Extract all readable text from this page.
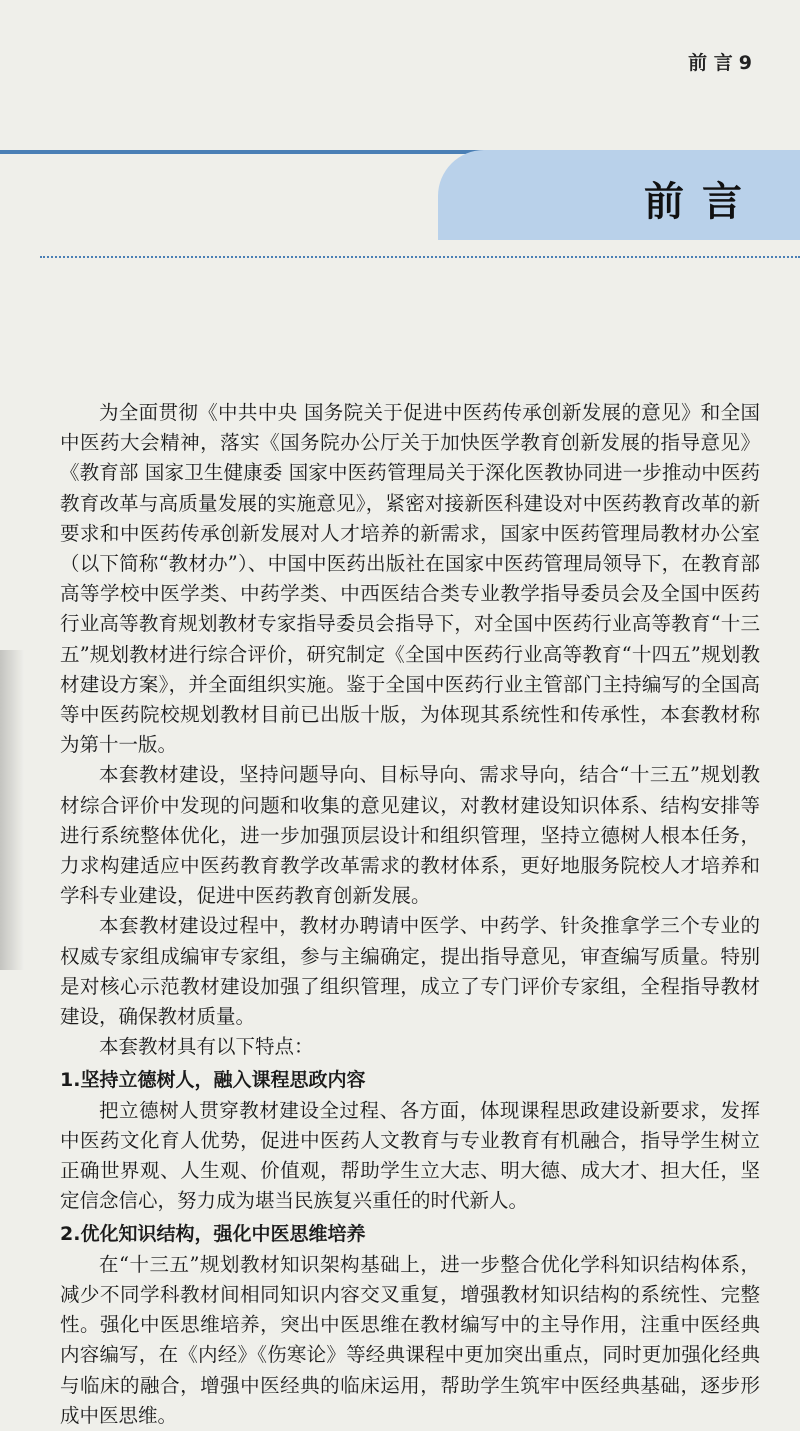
前 言 9
前言

为全面贯彻《中共中央 国务院关于促进中医药传承创新发展的意见》和全国中医药大会精神，落实《国务院办公厅关于加快医学教育创新发展的指导意见》《教育部 国家卫生健康委 国家中医药管理局关于深化医教协同进一步推动中医药教育改革与高质量发展的实施意见》，紧密对接新医科建设对中医药教育改革的新要求和中医药传承创新发展对人才培养的新需求，国家中医药管理局教材办公室（以下简称“教材办”）、中国中医药出版社在国家中医药管理局领导下，在教育部高等学校中医学类、中药学类、中西医结合类专业教学指导委员会及全国中医药行业高等教育规划教材专家指导委员会指导下，对全国中医药行业高等教育“十三五”规划教材进行综合评价，研究制定《全国中医药行业高等教育“十四五”规划教材建设方案》，并全面组织实施。鉴于全国中医药行业主管部门主持编写的全国高等中医药院校规划教材目前已出版十版，为体现其系统性和传承性，本套教材称为第十一版。

本套教材建设，坚持问题导向、目标导向、需求导向，结合“十三五”规划教材综合评价中发现的问题和收集的意见建议，对教材建设知识体系、结构安排等进行系统整体优化，进一步加强顶层设计和组织管理，坚持立德树人根本任务，力求构建适应中医药教育教学改革需求的教材体系，更好地服务院校人才培养和学科专业建设，促进中医药教育创新发展。

本套教材建设过程中，教材办聘请中医学、中药学、针灸推拿学三个专业的权威专家组成编审专家组，参与主编确定，提出指导意见，审查编写质量。特别是对核心示范教材建设加强了组织管理，成立了专门评价专家组，全程指导教材建设，确保教材质量。

本套教材具有以下特点：

1.坚持立德树人，融入课程思政内容

把立德树人贯穿教材建设全过程、各方面，体现课程思政建设新要求，发挥中医药文化育人优势，促进中医药人文教育与专业教育有机融合，指导学生树立正确世界观、人生观、价值观，帮助学生立大志、明大德、成大才、担大任，坚定信念信心，努力成为堪当民族复兴重任的时代新人。

2.优化知识结构，强化中医思维培养

在“十三五”规划教材知识架构基础上，进一步整合优化学科知识结构体系，减少不同学科教材间相同知识内容交叉重复，增强教材知识结构的系统性、完整性。强化中医思维培养，突出中医思维在教材编写中的主导作用，注重中医经典内容编写，在《内经》《伤寒论》等经典课程中更加突出重点，同时更加强化经典与临床的融合，增强中医经典的临床运用，帮助学生筑牢中医经典基础，逐步形成中医思维。
